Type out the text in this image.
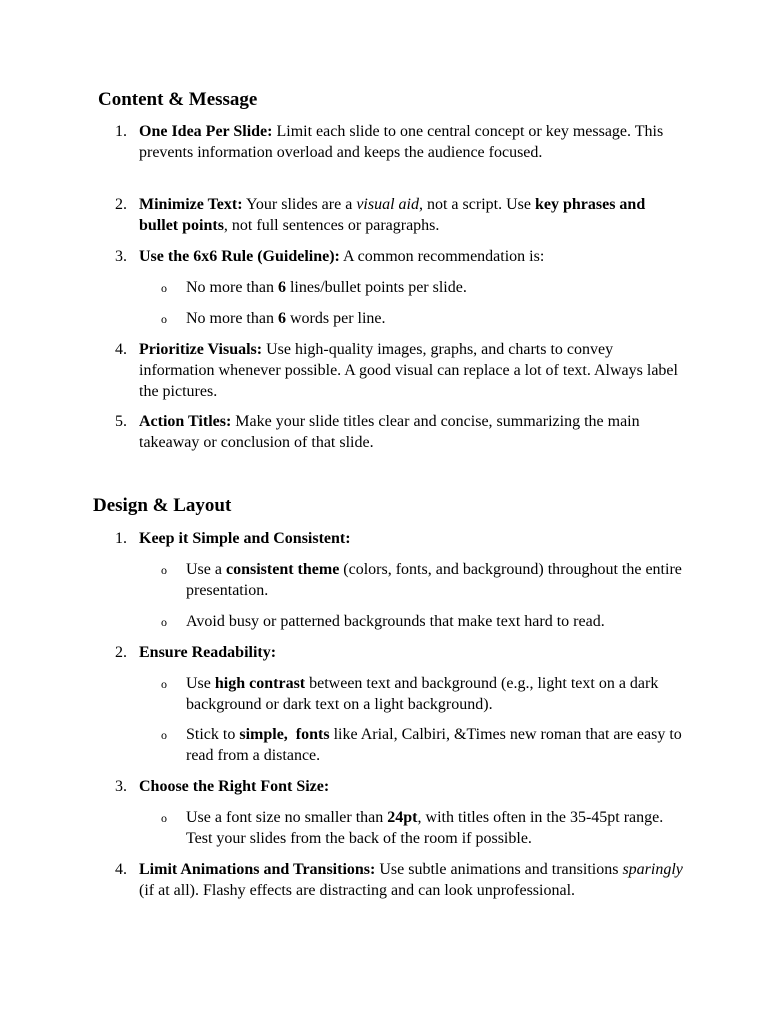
Content & Message
1. One Idea Per Slide: Limit each slide to one central concept or key message. This prevents information overload and keeps the audience focused.
2. Minimize Text: Your slides are a visual aid, not a script. Use key phrases and bullet points, not full sentences or paragraphs.
3. Use the 6x6 Rule (Guideline): A common recommendation is:
o No more than 6 lines/bullet points per slide.
o No more than 6 words per line.
4. Prioritize Visuals: Use high-quality images, graphs, and charts to convey information whenever possible. A good visual can replace a lot of text. Always label the pictures.
5. Action Titles: Make your slide titles clear and concise, summarizing the main takeaway or conclusion of that slide.
Design & Layout
1. Keep it Simple and Consistent:
o Use a consistent theme (colors, fonts, and background) throughout the entire presentation.
o Avoid busy or patterned backgrounds that make text hard to read.
2. Ensure Readability:
o Use high contrast between text and background (e.g., light text on a dark background or dark text on a light background).
o Stick to simple,  fonts like Arial, Calbiri, &Times new roman that are easy to read from a distance.
3. Choose the Right Font Size:
o Use a font size no smaller than 24pt, with titles often in the 35-45pt range. Test your slides from the back of the room if possible.
4. Limit Animations and Transitions: Use subtle animations and transitions sparingly (if at all). Flashy effects are distracting and can look unprofessional.
